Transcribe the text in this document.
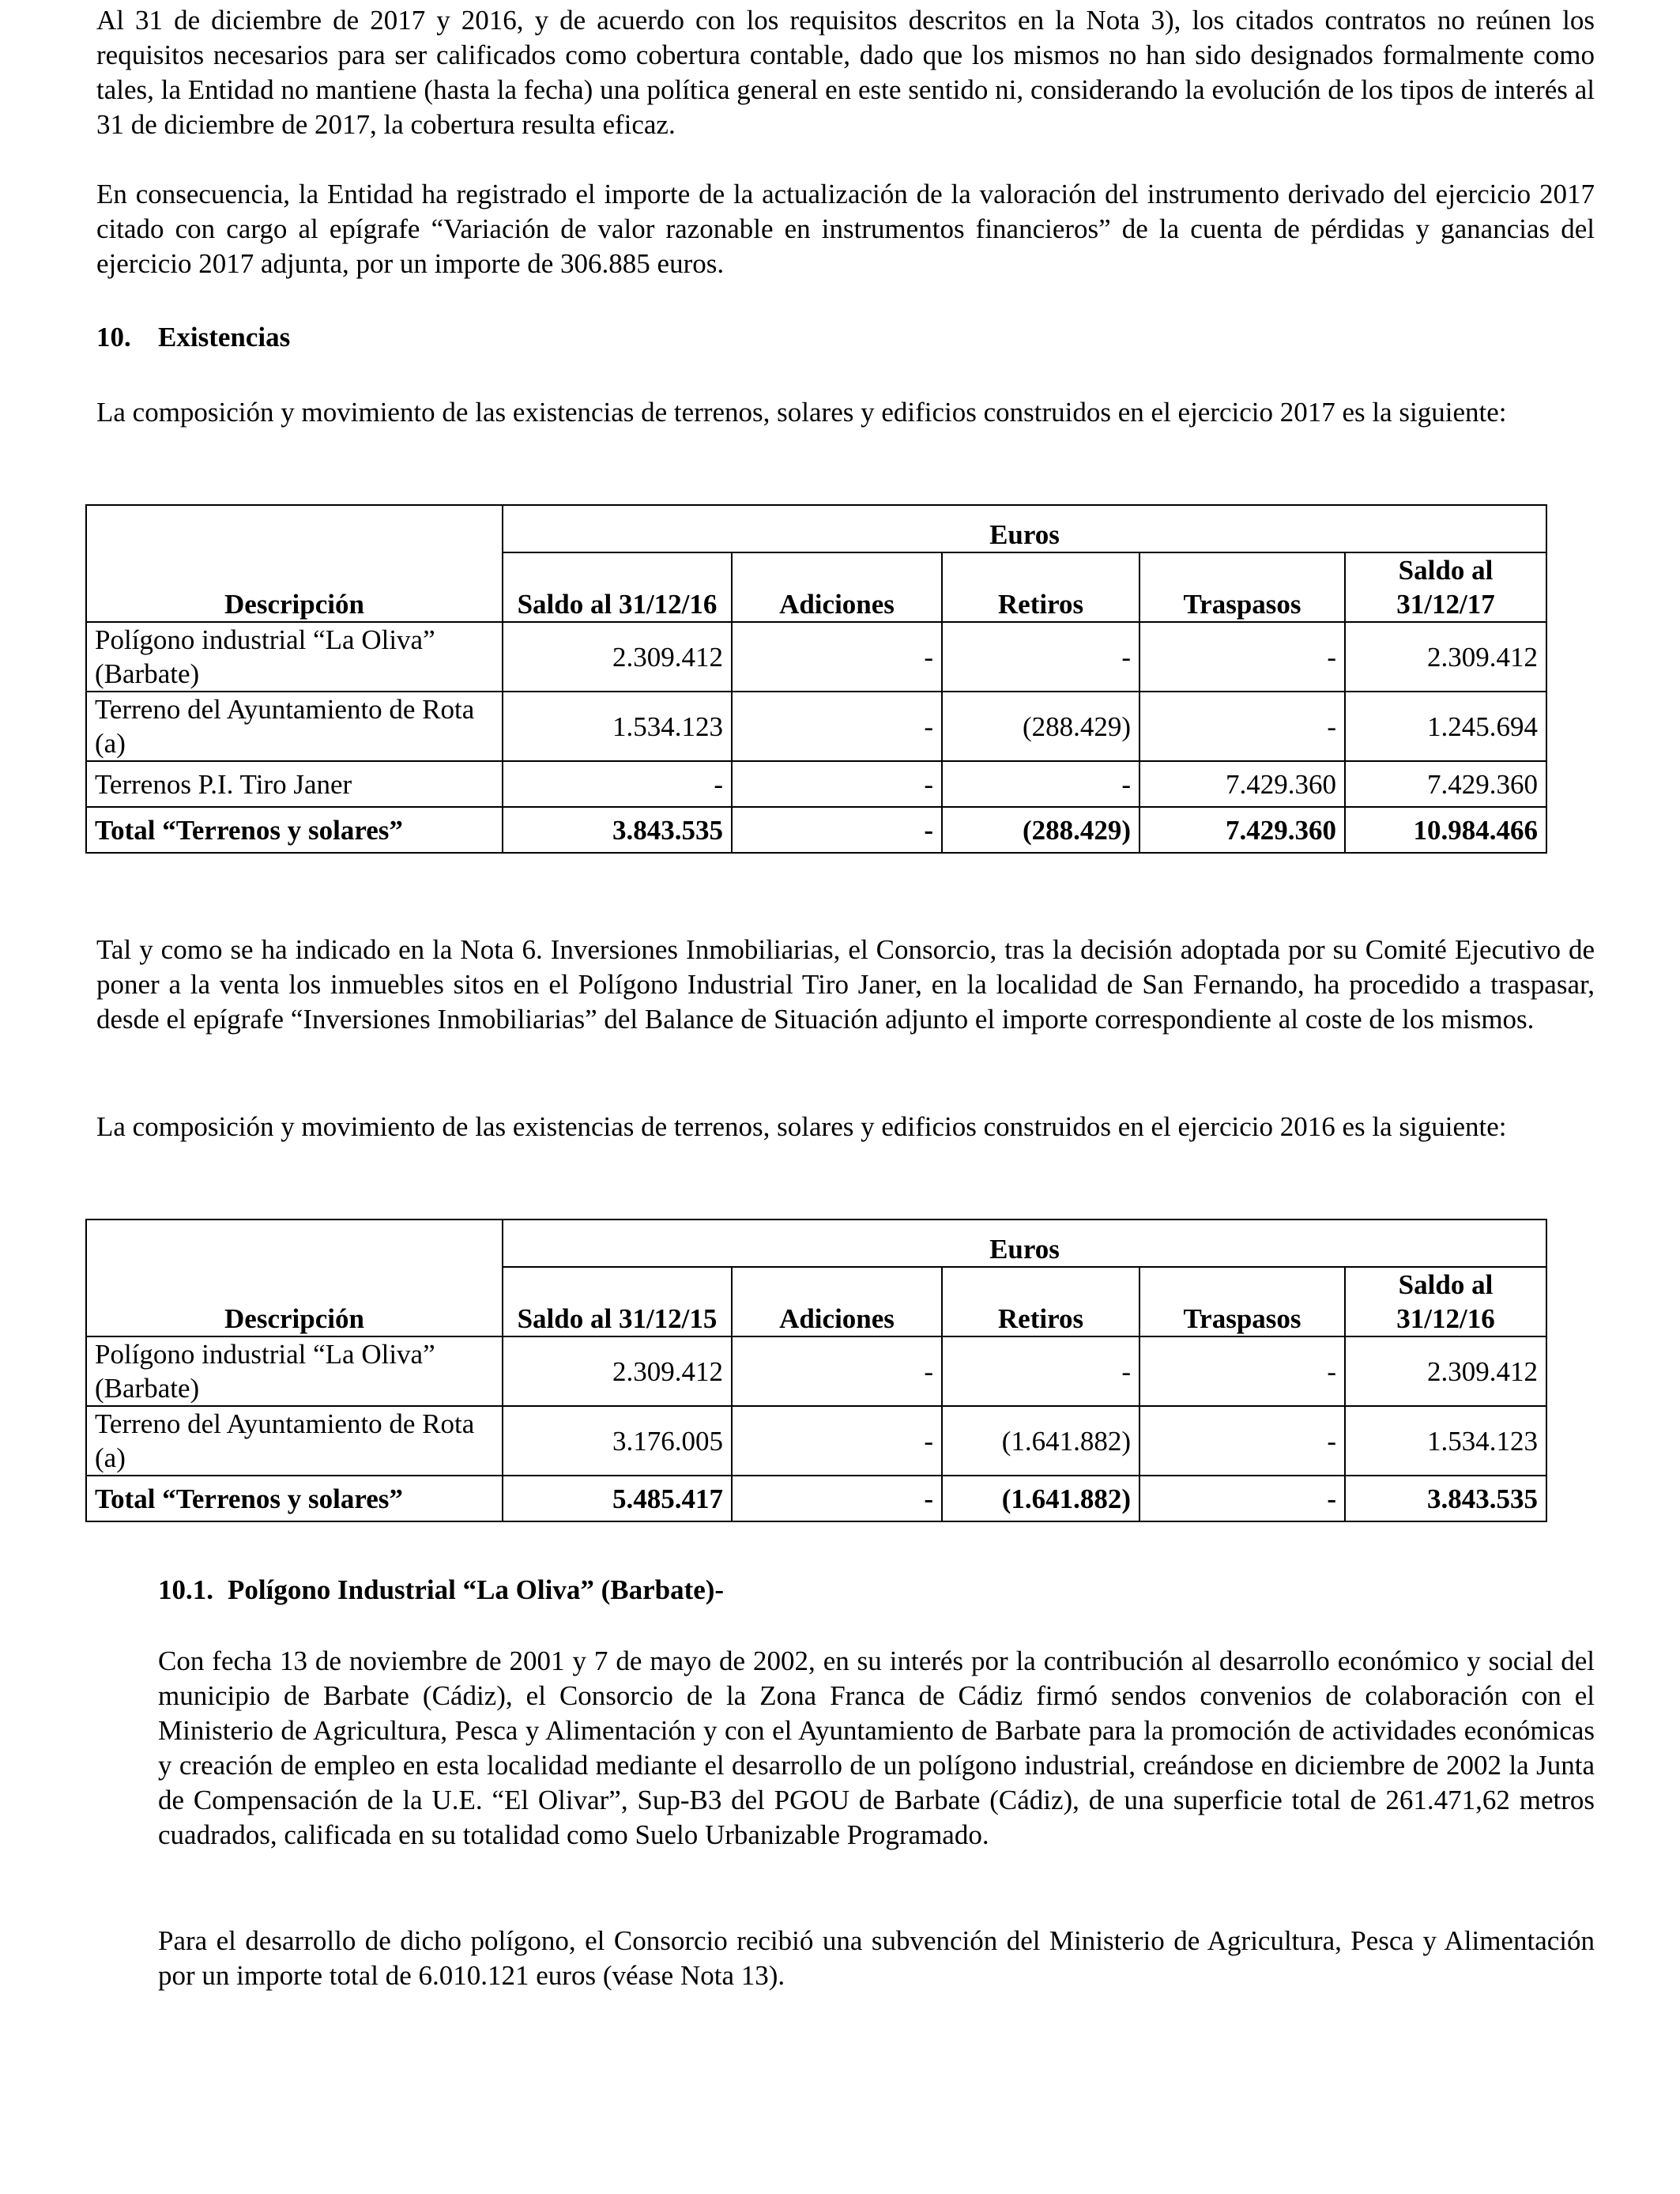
Al 31 de diciembre de 2017 y 2016, y de acuerdo con los requisitos descritos en la Nota 3), los citados contratos no reúnen los requisitos necesarios para ser calificados como cobertura contable, dado que los mismos no han sido designados formalmente como tales, la Entidad no mantiene (hasta la fecha) una política general en este sentido ni, considerando la evolución de los tipos de interés al 31 de diciembre de 2017, la cobertura resulta eficaz.

En consecuencia, la Entidad ha registrado el importe de la actualización de la valoración del instrumento derivado del ejercicio 2017 citado con cargo al epígrafe “Variación de valor razonable en instrumentos financieros” de la cuenta de pérdidas y ganancias del ejercicio 2017 adjunta, por un importe de 306.885 euros.

10. Existencias

La composición y movimiento de las existencias de terrenos, solares y edificios construidos en el ejercicio 2017 es la siguiente:

Descripción	Euros				
	Saldo al 31/12/16	Adiciones	Retiros	Traspasos	Saldo al 31/12/17
Polígono industrial “La Oliva” (Barbate)	2.309.412	-	-	-	2.309.412
Terreno del Ayuntamiento de Rota (a)	1.534.123	-	(288.429)	-	1.245.694
Terrenos P.I. Tiro Janer	-	-	-	7.429.360	7.429.360
Total “Terrenos y solares”	3.843.535	-	(288.429)	7.429.360	10.984.466

Tal y como se ha indicado en la Nota 6. Inversiones Inmobiliarias, el Consorcio, tras la decisión adoptada por su Comité Ejecutivo de poner a la venta los inmuebles sitos en el Polígono Industrial Tiro Janer, en la localidad de San Fernando, ha procedido a traspasar, desde el epígrafe “Inversiones Inmobiliarias” del Balance de Situación adjunto el importe correspondiente al coste de los mismos.

La composición y movimiento de las existencias de terrenos, solares y edificios construidos en el ejercicio 2016 es la siguiente:

Descripción	Euros				
	Saldo al 31/12/15	Adiciones	Retiros	Traspasos	Saldo al 31/12/16
Polígono industrial “La Oliva” (Barbate)	2.309.412	-	-	-	2.309.412
Terreno del Ayuntamiento de Rota (a)	3.176.005	-	(1.641.882)	-	1.534.123
Total “Terrenos y solares”	5.485.417	-	(1.641.882)	-	3.843.535
10.1. Polígono Industrial “La Oliva” (Barbate)-

Con fecha 13 de noviembre de 2001 y 7 de mayo de 2002, en su interés por la contribución al desarrollo económico y social del municipio de Barbate (Cádiz), el Consorcio de la Zona Franca de Cádiz firmó sendos convenios de colaboración con el Ministerio de Agricultura, Pesca y Alimentación y con el Ayuntamiento de Barbate para la promoción de actividades económicas y creación de empleo en esta localidad mediante el desarrollo de un polígono industrial, creándose en diciembre de 2002 la Junta de Compensación de la U.E. “El Olivar”, Sup-B3 del PGOU de Barbate (Cádiz), de una superficie total de 261.471,62 metros cuadrados, calificada en su totalidad como Suelo Urbanizable Programado.

Para el desarrollo de dicho polígono, el Consorcio recibió una subvención del Ministerio de Agricultura, Pesca y Alimentación por un importe total de 6.010.121 euros (véase Nota 13).
